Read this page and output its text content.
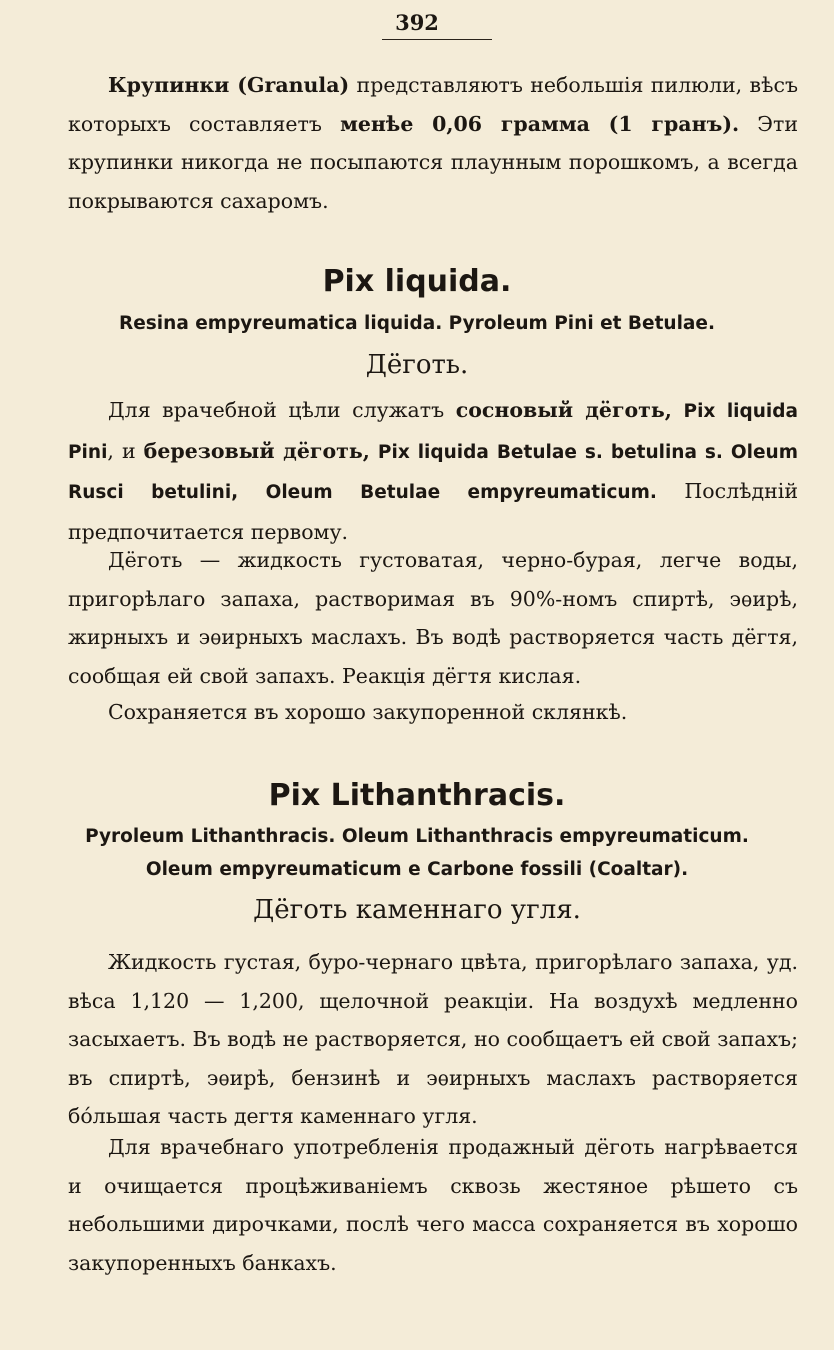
392

Крупинки (Granula) представляютъ небольшія пилюли, вѣсъ которыхъ составляетъ менѣе 0,06 грамма (1 гранъ). Эти крупинки никогда не посыпаются плаунным порошкомъ, а всегда покрываются сахаромъ.

Pix liquida.
Resina empyreumatica liquida. Pyroleum Pini et Betulae.
Дёготь.

Для врачебной цѣли служатъ сосновый дёготь, Pix liquida Pini, и березовый дёготь, Pix liquida Betulae s. betulina s. Oleum Rusci betulini, Oleum Betulae empyreumaticum. Послѣдній предпочитается первому.

Дёготь — жидкость густоватая, черно-бурая, легче воды, пригорѣлаго запаха, растворимая въ 90%-номъ спиртѣ, эѳирѣ, жирныхъ и эѳирныхъ маслахъ. Въ водѣ растворяется часть дёгтя, сообщая ей свой запахъ. Реакція дёгтя кислая.

Сохраняется въ хорошо закупоренной склянкѣ.

Pix Lithanthracis.
Pyroleum Lithanthracis. Oleum Lithanthracis empyreumaticum.
Oleum empyreumaticum e Carbone fossili (Coaltar).
Дёготь каменнаго угля.

Жидкость густая, буро-чернаго цвѣта, пригорѣлаго запаха, уд. вѣса 1,120 — 1,200, щелочной реакціи. На воздухѣ медленно засыхаетъ. Въ водѣ не растворяется, но сообщаетъ ей свой запахъ; въ спиртѣ, эѳирѣ, бензинѣ и эѳирныхъ маслахъ растворяется бо́льшая часть дегтя каменнаго угля.

Для врачебнаго употребленія продажный дёготь нагрѣвается и очищается процѣживаніемъ сквозь жестяное рѣшето съ небольшими дирочками, послѣ чего масса сохраняется въ хорошо закупоренныхъ банкахъ.
